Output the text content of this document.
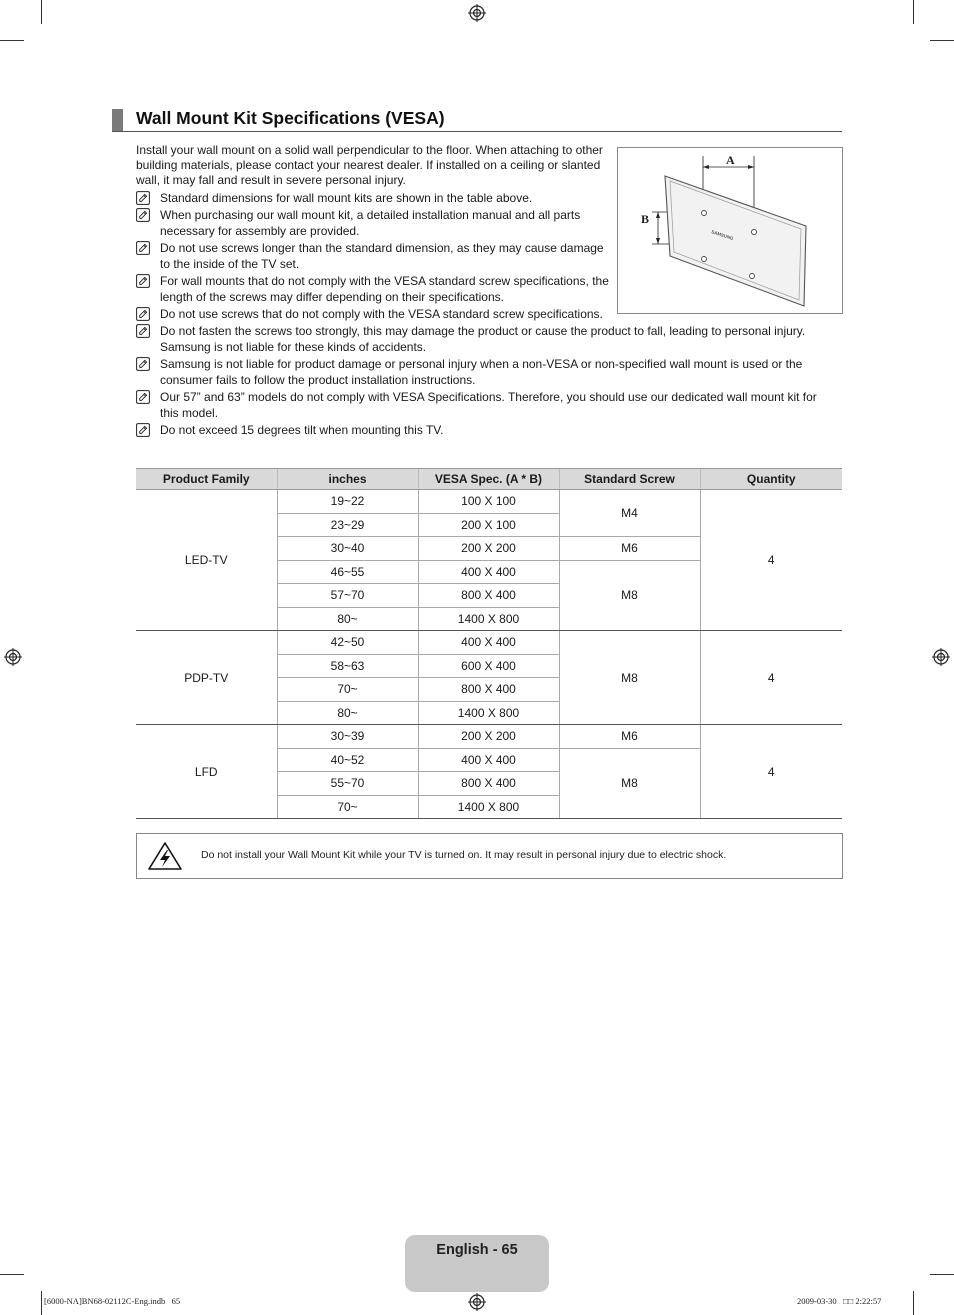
Wall Mount Kit Specifications (VESA)
Install your wall mount on a solid wall perpendicular to the floor. When attaching to other building materials, please contact your nearest dealer. If installed on a ceiling or slanted wall, it may fall and result in severe personal injury.
Standard dimensions for wall mount kits are shown in the table above.
When purchasing our wall mount kit, a detailed installation manual and all parts necessary for assembly are provided.
Do not use screws longer than the standard dimension, as they may cause damage to the inside of the TV set.
For wall mounts that do not comply with the VESA standard screw specifications, the length of the screws may differ depending on their specifications.
Do not use screws that do not comply with the VESA standard screw specifications.
Do not fasten the screws too strongly, this may damage the product or cause the product to fall, leading to personal injury. Samsung is not liable for these kinds of accidents.
Samsung is not liable for product damage or personal injury when a non-VESA or non-specified wall mount is used or the consumer fails to follow the product installation instructions.
Our 57” and 63” models do not comply with VESA Specifications. Therefore, you should use our dedicated wall mount kit for this model.
Do not exceed 15 degrees tilt when mounting this TV.
A
B
SAMSUNG
Product Family	inches	VESA Spec. (A * B)	Standard Screw	Quantity
LED-TV	19~22	100 X 100	M4	4
	23~29	200 X 100		
	30~40	200 X 200	M6	
	46~55	400 X 400	M8	
	57~70	800 X 400		
	80~	1400 X 800		
PDP-TV	42~50	400 X 400	M8	4
	58~63	600 X 400		
	70~	800 X 400		
	80~	1400 X 800		
LFD	30~39	200 X 200	M6	4
	40~52	400 X 400	M8	
	55~70	800 X 400		
	70~	1400 X 800		
Do not install your Wall Mount Kit while your TV is turned on. It may result in personal injury due to electric shock.
English - 65
[6000-NA]BN68-02112C-Eng.indb   65	2009-03-30   □□ 2:22:57
